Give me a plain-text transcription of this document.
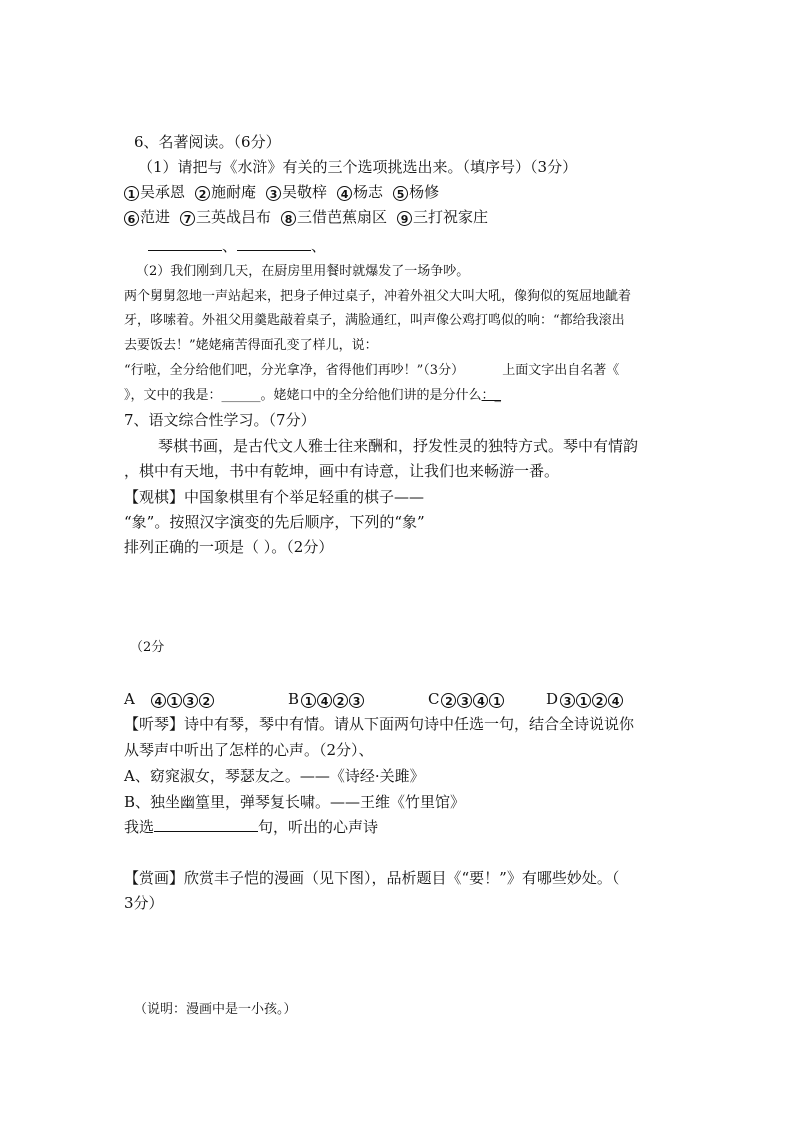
6、名著阅读。（6分）
（1）请把与《水浒》有关的三个选项挑选出来。（填序号）（3分）
1 吴承恩 2 施耐庵 3 吴敬梓 4 杨志 5 杨修
6 范进 7 三英战吕布 8 三借芭蕉扇区 9 三打祝家庄
、	、
（2）我们刚到几天，在厨房里用餐时就爆发了一场争吵。
两个舅舅忽地一声站起来，把身子伸过桌子，冲着外祖父大叫大吼，像狗似的冤屈地龇着
牙，哆嗦着。外祖父用羹匙敲着桌子，满脸通红，叫声像公鸡打鸣似的响：“都给我滚出
去要饭去！”姥姥痛苦得面孔变了样儿，说：
“行啦，全分给他们吧，分光拿净，省得他们再吵！”（3分）	上面文字出自名著《
》，文中的我是：______。姥姥口中的全分给他们讲的是分什么：_
7、语文综合性学习。（7分）
琴棋书画，是古代文人雅士往来酬和，抒发性灵的独特方式。琴中有情韵
，棋中有天地，书中有乾坤，画中有诗意，让我们也来畅游一番。
【观棋】中国象棋里有个举足轻重的棋子——
“象”。按照汉字演变的先后顺序，下列的“象”
排列正确的一项是（ ）。（2分）
（2分
A 4 1 3 2	B 1 4 2 3	C 2 3 4 1	D 3 1 2 4
【听琴】诗中有琴，琴中有情。请从下面两句诗中任选一句，结合全诗说说你
从琴声中听出了怎样的心声。（2分）、
A、窈窕淑女，琴瑟友之。——《诗经·关雎》
B、独坐幽篁里，弹琴复长啸。——王维《竹里馆》
我选	句，听出的心声诗
【赏画】欣赏丰子恺的漫画（见下图），品析题目《“要！”》有哪些妙处。（
3分）
（说明：漫画中是一小孩。）
